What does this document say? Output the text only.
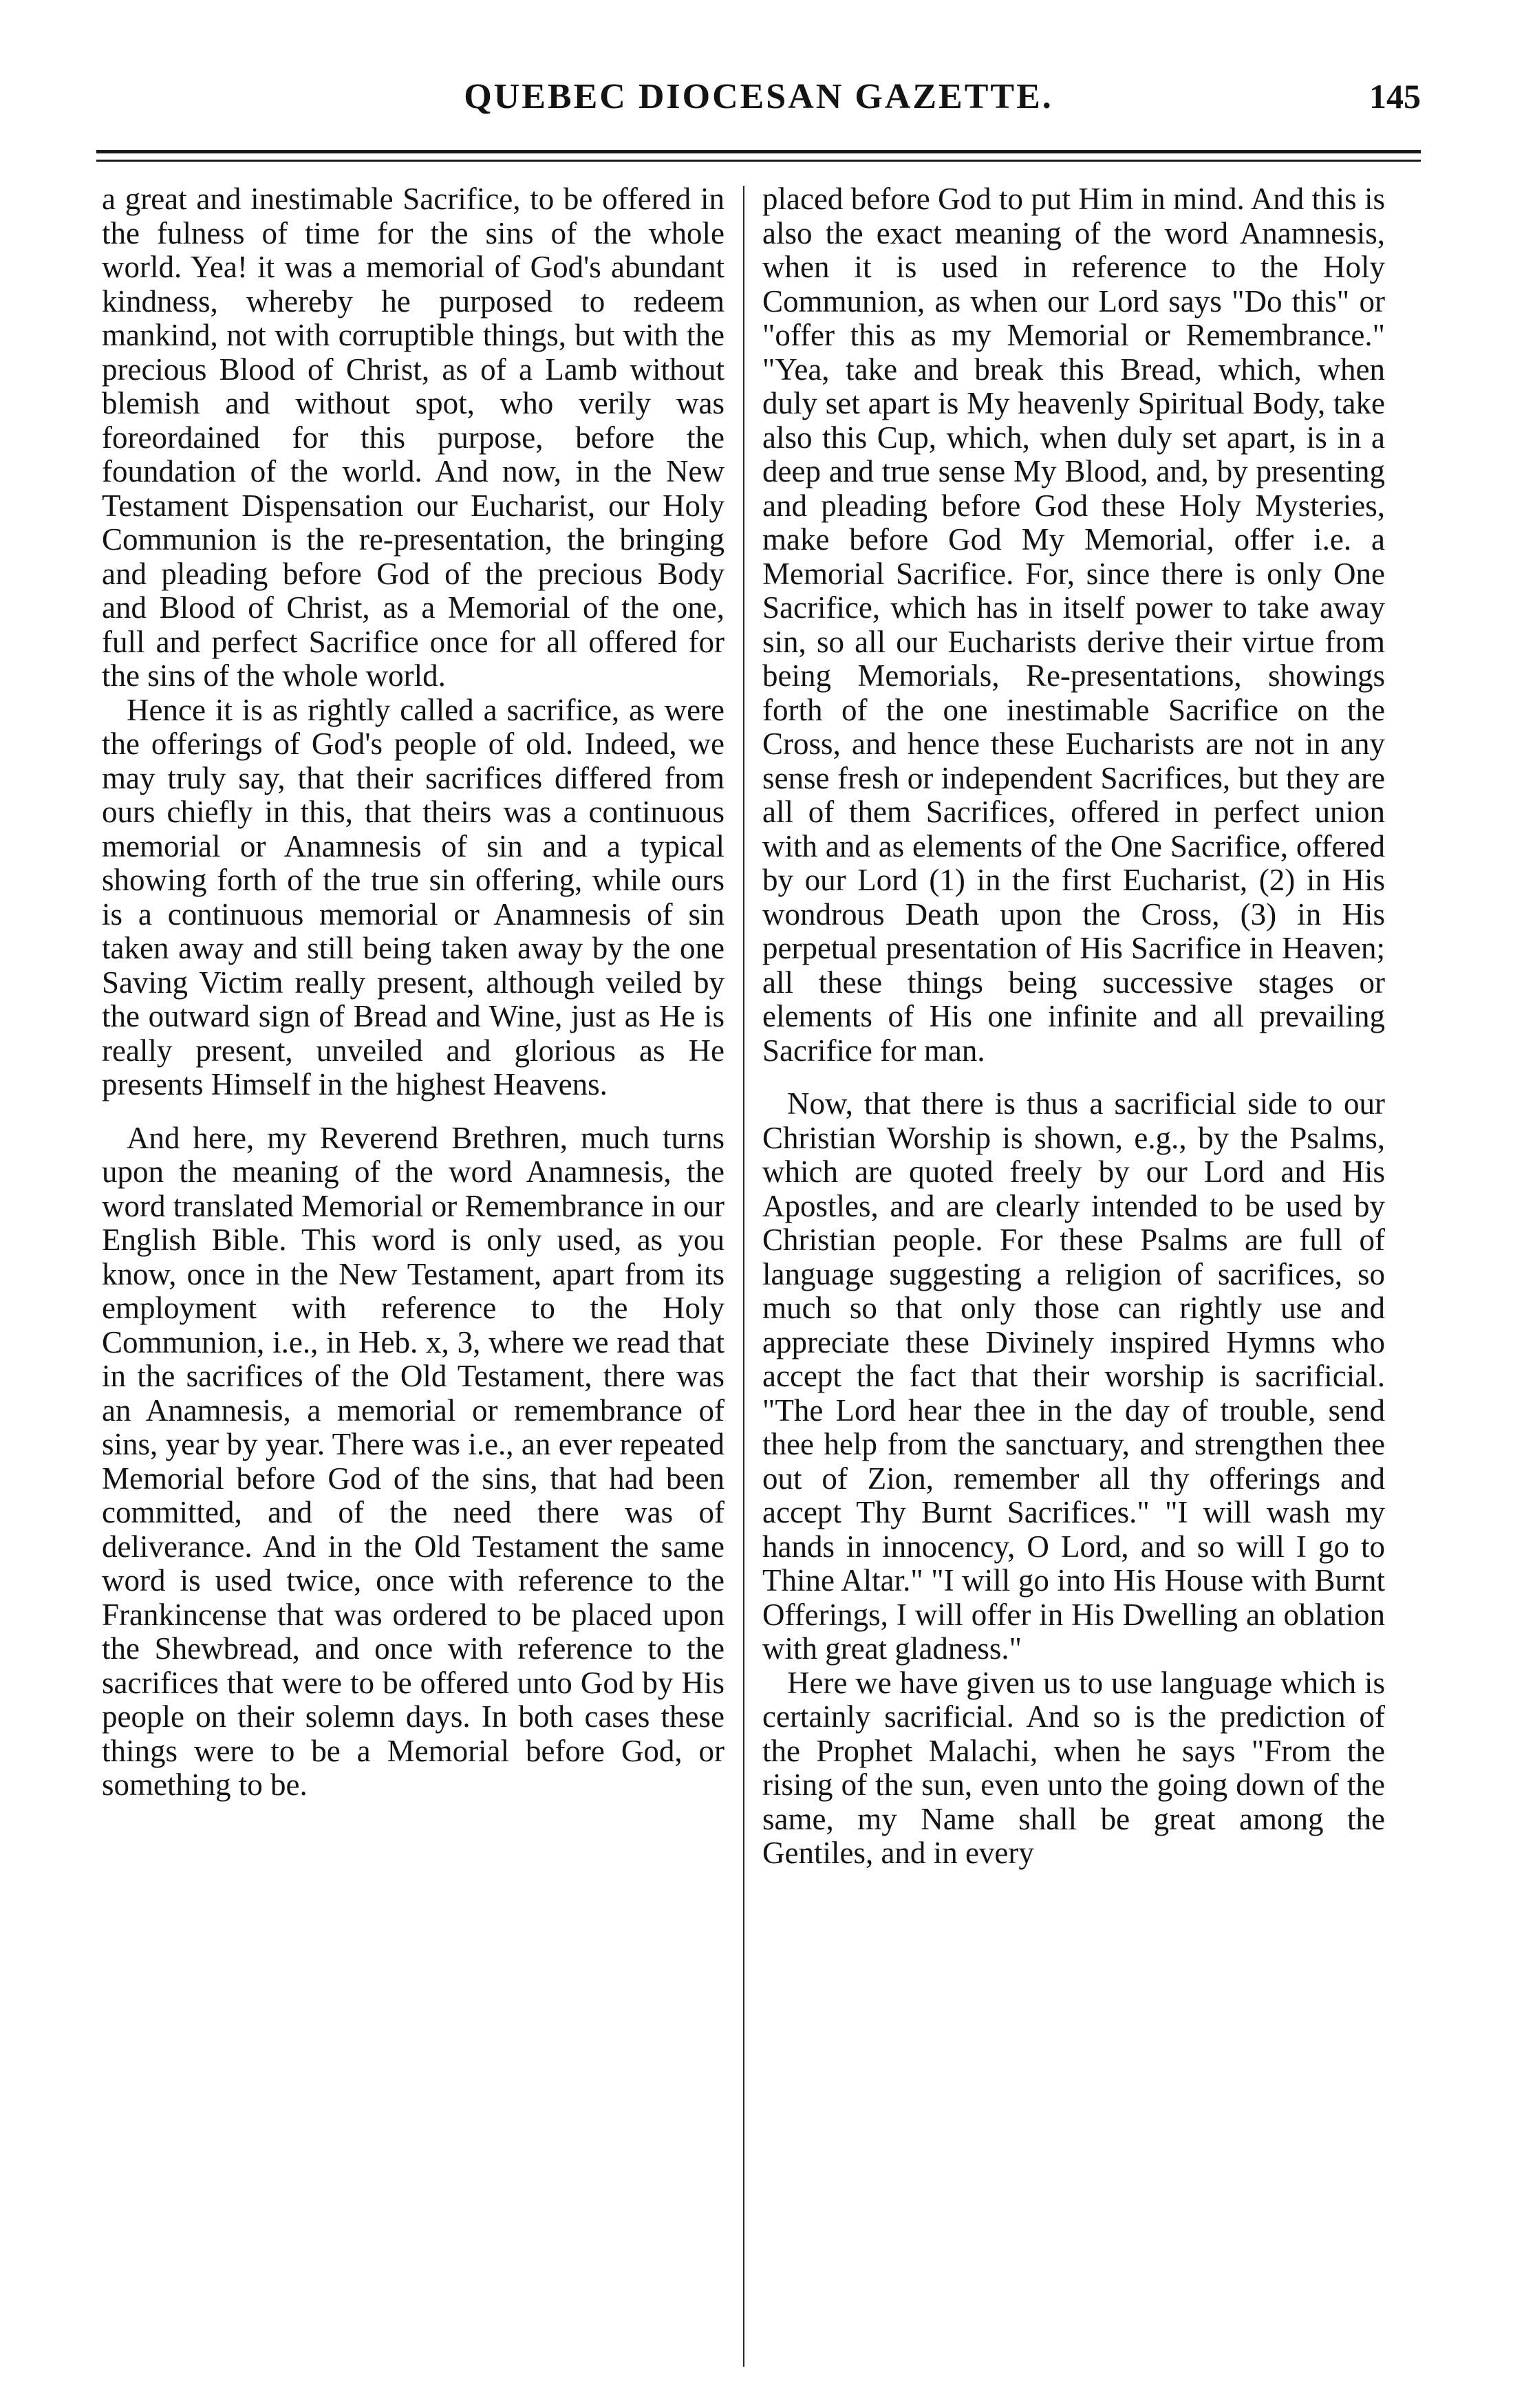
QUEBEC DIOCESAN GAZETTE.	145

a great and inestimable Sacrifice, to be offered in the fulness of time for the sins of the whole world. Yea! it was a memorial of God's abundant kindness, whereby he purposed to redeem mankind, not with corruptible things, but with the precious Blood of Christ, as of a Lamb without blemish and without spot, who verily was foreordained for this purpose, before the foundation of the world. And now, in the New Testament Dispensation our Eucharist, our Holy Communion is the re-presentation, the bringing and pleading before God of the precious Body and Blood of Christ, as a Memorial of the one, full and perfect Sacrifice once for all offered for the sins of the whole world.

Hence it is as rightly called a sacrifice, as were the offerings of God's people of old. Indeed, we may truly say, that their sacrifices differed from ours chiefly in this, that theirs was a continuous memorial or Anamnesis of sin and a typical showing forth of the true sin offering, while ours is a continuous memorial or Anamnesis of sin taken away and still being taken away by the one Saving Victim really present, although veiled by the outward sign of Bread and Wine, just as He is really present, unveiled and glorious as He presents Himself in the highest Heavens.

And here, my Reverend Brethren, much turns upon the meaning of the word Anamnesis, the word translated Memorial or Remembrance in our English Bible. This word is only used, as you know, once in the New Testament, apart from its employment with reference to the Holy Communion, i.e., in Heb. x, 3, where we read that in the sacrifices of the Old Testament, there was an Anamnesis, a memorial or remembrance of sins, year by year. There was i.e., an ever repeated Memorial before God of the sins, that had been committed, and of the need there was of deliverance. And in the Old Testament the same word is used twice, once with reference to the Frankincense that was ordered to be placed upon the Shewbread, and once with reference to the sacrifices that were to be offered unto God by His people on their solemn days. In both cases these things were to be a Memorial before God, or something to be.

placed before God to put Him in mind. And this is also the exact meaning of the word Anamnesis, when it is used in reference to the Holy Communion, as when our Lord says "Do this" or "offer this as my Memorial or Remembrance." "Yea, take and break this Bread, which, when duly set apart is My heavenly Spiritual Body, take also this Cup, which, when duly set apart, is in a deep and true sense My Blood, and, by presenting and pleading before God these Holy Mysteries, make before God My Memorial, offer i.e. a Memorial Sacrifice. For, since there is only One Sacrifice, which has in itself power to take away sin, so all our Eucharists derive their virtue from being Memorials, Re-presentations, showings forth of the one inestimable Sacrifice on the Cross, and hence these Eucharists are not in any sense fresh or independent Sacrifices, but they are all of them Sacrifices, offered in perfect union with and as elements of the One Sacrifice, offered by our Lord (1) in the first Eucharist, (2) in His wondrous Death upon the Cross, (3) in His perpetual presentation of His Sacrifice in Heaven; all these things being successive stages or elements of His one infinite and all prevailing Sacrifice for man.

Now, that there is thus a sacrificial side to our Christian Worship is shown, e.g., by the Psalms, which are quoted freely by our Lord and His Apostles, and are clearly intended to be used by Christian people. For these Psalms are full of language suggesting a religion of sacrifices, so much so that only those can rightly use and appreciate these Divinely inspired Hymns who accept the fact that their worship is sacrificial. "The Lord hear thee in the day of trouble, send thee help from the sanctuary, and strengthen thee out of Zion, remember all thy offerings and accept Thy Burnt Sacrifices." "I will wash my hands in innocency, O Lord, and so will I go to Thine Altar." "I will go into His House with Burnt Offerings, I will offer in His Dwelling an oblation with great gladness."

Here we have given us to use language which is certainly sacrificial. And so is the prediction of the Prophet Malachi, when he says "From the rising of the sun, even unto the going down of the same, my Name shall be great among the Gentiles, and in every
